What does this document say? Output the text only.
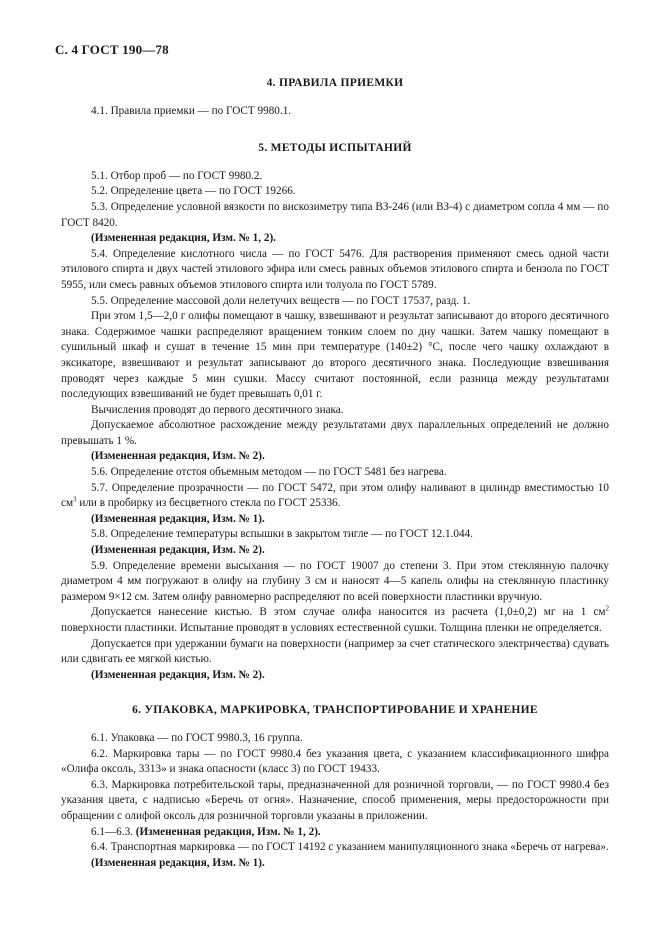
С. 4 ГОСТ 190—78
4. ПРАВИЛА ПРИЕМКИ

4.1. Правила приемки — по ГОСТ 9980.1.

5. МЕТОДЫ ИСПЫТАНИЙ

5.1. Отбор проб — по ГОСТ 9980.2.

5.2. Определение цвета — по ГОСТ 19266.

5.3. Определение условной вязкости по вискозиметру типа ВЗ-246 (или ВЗ-4) с диаметром сопла 4 мм — по ГОСТ 8420.

(Измененная редакция, Изм. № 1, 2).

5.4. Определение кислотного числа — по ГОСТ 5476. Для растворения применяют смесь одной части этилового спирта и двух частей этилового эфира или смесь равных объемов этилового спирта и бензола по ГОСТ 5955, или смесь равных объемов этилового спирта или толуола по ГОСТ 5789.

5.5. Определение массовой доли нелетучих веществ — по ГОСТ 17537, разд. 1.

При этом 1,5—2,0 г олифы помещают в чашку, взвешивают и результат записывают до второго десятичного знака. Содержимое чашки распределяют вращением тонким слоем по дну чашки. Затем чашку помещают в сушильный шкаф и сушат в течение 15 мин при температуре (140±2) °С, после чего чашку охлаждают в эксикаторе, взвешивают и результат записывают до второго десятичного знака. Последующие взвешивания проводят через каждые 5 мин сушки. Массу считают постоянной, если разница между результатами последующих взвешиваний не будет превышать 0,01 г.

Вычисления проводят до первого десятичного знака.

Допускаемое абсолютное расхождение между результатами двух параллельных определений не должно превышать 1 %.

(Измененная редакция, Изм. № 2).

5.6. Определение отстоя объемным методом — по ГОСТ 5481 без нагрева.

5.7. Определение прозрачности — по ГОСТ 5472, при этом олифу наливают в цилиндр вместимостью 10 $см^3$ или в пробирку из бесцветного стекла по ГОСТ 25336.

(Измененная редакция, Изм. № 1).

5.8. Определение температуры вспышки в закрытом тигле — по ГОСТ 12.1.044.

(Измененная редакция, Изм. № 2).

5.9. Определение времени высыхания — по ГОСТ 19007 до степени 3. При этом стеклянную палочку диаметром 4 мм погружают в олифу на глубину 3 см и наносят 4—5 капель олифы на стеклянную пластинку размером 9×12 см. Затем олифу равномерно распределяют по всей поверхности пластинки вручную.

Допускается нанесение кистью. В этом случае олифа наносится из расчета (1,0±0,2) мг на 1 $см^2$ поверхности пластинки. Испытание проводят в условиях естественной сушки. Толщина пленки не определяется.

Допускается при удержании бумаги на поверхности (например за счет статического электричества) сдувать или сдвигать ее мягкой кистью.

(Измененная редакция, Изм. № 2).

6. УПАКОВКА, МАРКИРОВКА, ТРАНСПОРТИРОВАНИЕ И ХРАНЕНИЕ

6.1. Упаковка — по ГОСТ 9980.3, 16 группа.

6.2. Маркировка тары — по ГОСТ 9980.4 без указания цвета, с указанием классификационного шифра «Олифа оксоль, 3313» и знака опасности (класс 3) по ГОСТ 19433.

6.3. Маркировка потребительской тары, предназначенной для розничной торговли, — по ГОСТ 9980.4 без указания цвета, с надписью «Беречь от огня». Назначение, способ применения, меры предосторожности при обращении с олифой оксоль для розничной торговли указаны в приложении.

6.1—6.3. (Измененная редакция, Изм. № 1, 2).

6.4. Транспортная маркировка — по ГОСТ 14192 с указанием манипуляционного знака «Беречь от нагрева».

(Измененная редакция, Изм. № 1).
